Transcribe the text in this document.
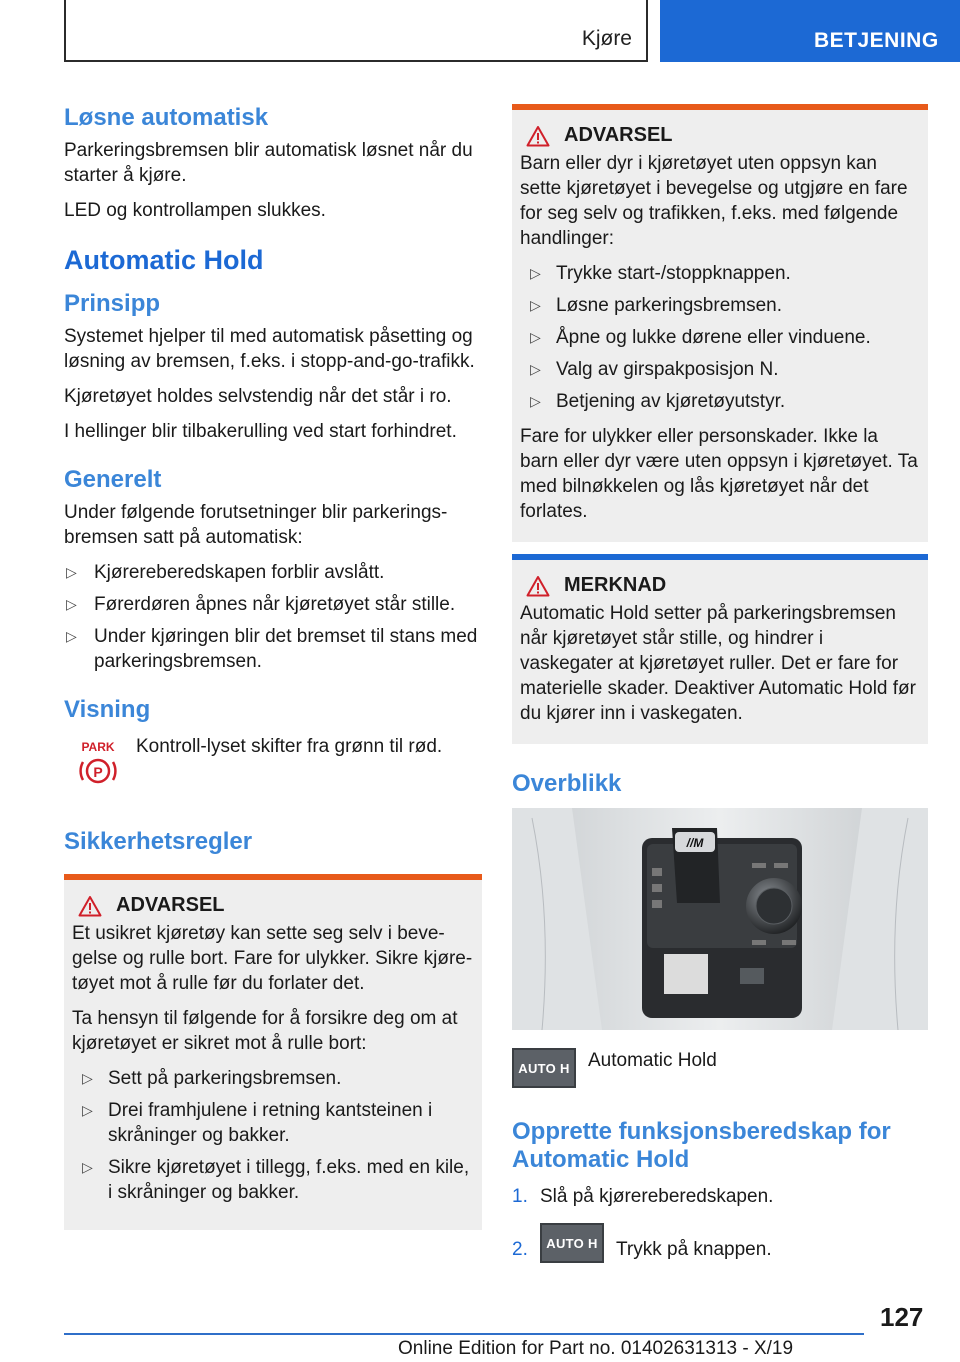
Kjøre	BETJENING
Løsne automatisk

Parkeringsbremsen blir automatisk løsnet når du starter å kjøre.

LED og kontrollampen slukkes.

Automatic Hold
Prinsipp

Systemet hjelper til med automatisk påsetting og løsning av bremsen, f.eks. i stopp-and-go-trafikk.

Kjøretøyet holdes selvstendig når det står i ro.

I hellinger blir tilbakerulling ved start forhindret.

Generelt

Under følgende forutsetninger blir parkerings-bremsen satt på automatisk:

▷ Kjørereberedskapen forblir avslått.
▷ Førerdøren åpnes når kjøretøyet står stille.
▷ Under kjøringen blir det bremset til stans med parkeringsbremsen.
Visning
PARK
P

Kontroll-lyset skifter fra grønn til rød.

Sikkerhetsregler
ADVARSEL

Et usikret kjøretøy kan sette seg selv i beve-gelse og rulle bort. Fare for ulykker. Sikre kjøre-tøyet mot å rulle før du forlater det.

Ta hensyn til følgende for å forsikre deg om at kjøretøyet er sikret mot å rulle bort:

▷ Sett på parkeringsbremsen.
▷ Drei framhjulene i retning kantsteinen i skråninger og bakker.
▷ Sikre kjøretøyet i tillegg, f.eks. med en kile, i skråninger og bakker.
ADVARSEL

Barn eller dyr i kjøretøyet uten oppsyn kan sette kjøretøyet i bevegelse og utgjøre en fare for seg selv og trafikken, f.eks. med følgende handlinger:

▷ Trykke start-/stoppknappen.
▷ Løsne parkeringsbremsen.
▷ Åpne og lukke dørene eller vinduene.
▷ Valg av girspakposisjon N.
▷ Betjening av kjøretøyutstyr.

Fare for ulykker eller personskader. Ikke la barn eller dyr være uten oppsyn i kjøretøyet. Ta med bilnøkkelen og lås kjøretøyet når det forlates.

MERKNAD

Automatic Hold setter på parkeringsbremsen når kjøretøyet står stille, og hindrer i vaskegater at kjøretøyet ruller. Det er fare for materielle skader. Deaktiver Automatic Hold før du kjører inn i vaskegaten.

Overblikk
//M
AUTO H Automatic Hold

Opprette funksjonsberedskap for Automatic Hold
1. Slå på kjørereberedskapen.
2.	AUTO H Trykk på knappen.
127
Online Edition for Part no. 01402631313 - X/19
